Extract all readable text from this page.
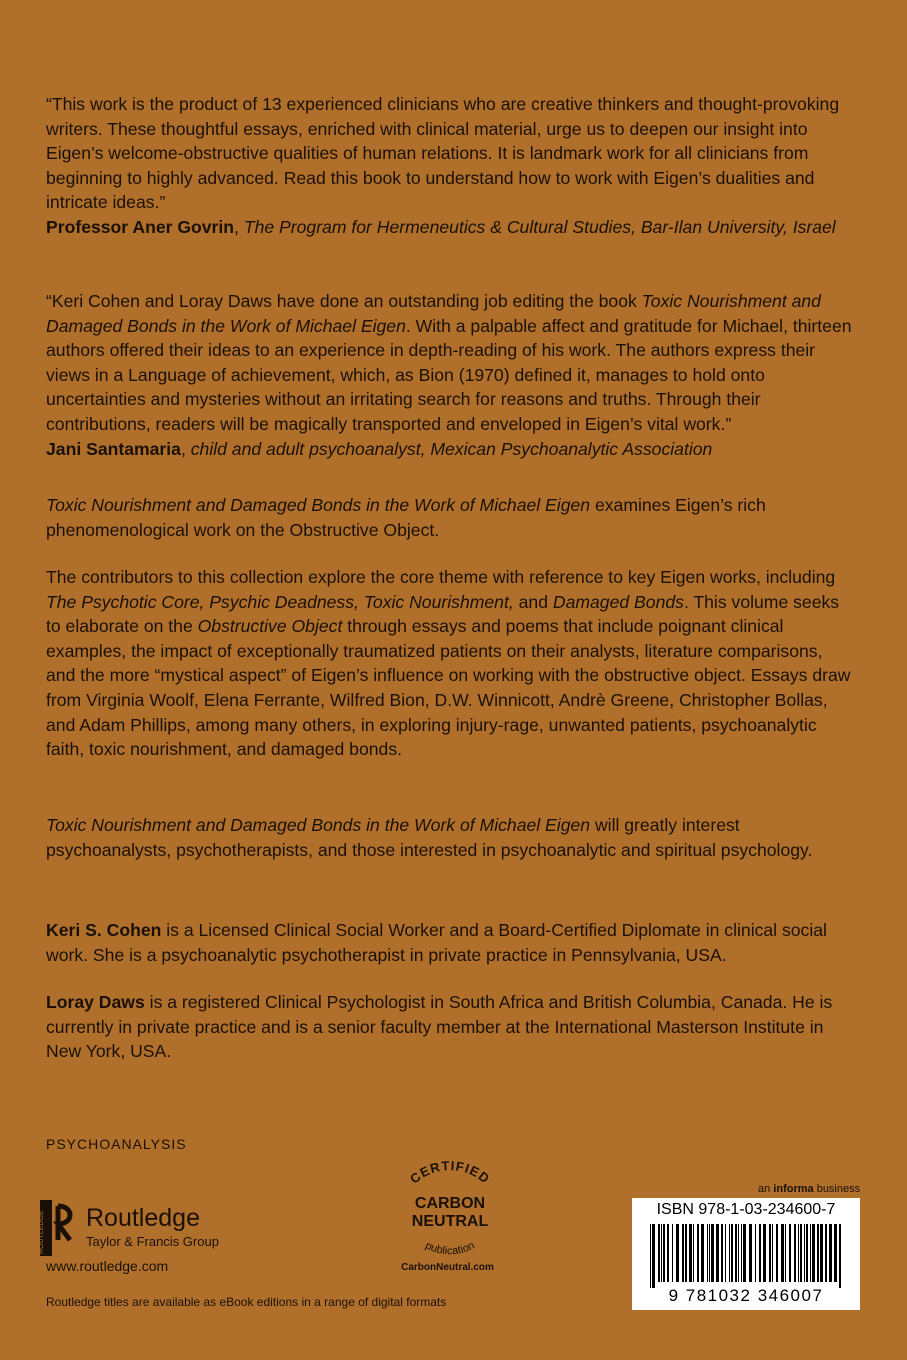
“This work is the product of 13 experienced clinicians who are creative thinkers and thought-provoking writers. These thoughtful essays, enriched with clinical material, urge us to deepen our insight into Eigen’s welcome-obstructive qualities of human relations. It is landmark work for all clinicians from beginning to highly advanced. Read this book to understand how to work with Eigen’s dualities and intricate ideas.”
Professor Aner Govrin, The Program for Hermeneutics & Cultural Studies, Bar-Ilan University, Israel

“Keri Cohen and Loray Daws have done an outstanding job editing the book Toxic Nourishment and Damaged Bonds in the Work of Michael Eigen. With a palpable affect and gratitude for Michael, thirteen authors offered their ideas to an experience in depth-reading of his work. The authors express their views in a Language of achievement, which, as Bion (1970) defined it, manages to hold onto uncertainties and mysteries without an irritating search for reasons and truths. Through their contributions, readers will be magically transported and enveloped in Eigen’s vital work.”
Jani Santamaria, child and adult psychoanalyst, Mexican Psychoanalytic Association

Toxic Nourishment and Damaged Bonds in the Work of Michael Eigen examines Eigen’s rich phenomenological work on the Obstructive Object.

The contributors to this collection explore the core theme with reference to key Eigen works, including The Psychotic Core, Psychic Deadness, Toxic Nourishment, and Damaged Bonds. This volume seeks to elaborate on the Obstructive Object through essays and poems that include poignant clinical examples, the impact of exceptionally traumatized patients on their analysts, literature comparisons, and the more “mystical aspect” of Eigen’s influence on working with the obstructive object. Essays draw from Virginia Woolf, Elena Ferrante, Wilfred Bion, D.W. Winnicott, Andrè Greene, Christopher Bollas, and Adam Phillips, among many others, in exploring injury-rage, unwanted patients, psychoanalytic faith, toxic nourishment, and damaged bonds.

Toxic Nourishment and Damaged Bonds in the Work of Michael Eigen will greatly interest psychoanalysts, psychotherapists, and those interested in psychoanalytic and spiritual psychology.

Keri S. Cohen is a Licensed Clinical Social Worker and a Board-Certified Diplomate in clinical social work. She is a psychoanalytic psychotherapist in private practice in Pennsylvania, USA.

Loray Daws is a registered Clinical Psychologist in South Africa and British Columbia, Canada. He is currently in private practice and is a senior faculty member at the International Masterson Institute in New York, USA.

PSYCHOANALYSIS

ROUTLEDGE Routledge
Taylor & Francis Group
www.routledge.com
Routledge titles are available as eBook editions in a range of digital formats
CERTIFIED
CARBON
NEUTRAL
publication
CarbonNeutral.com
an informa business
ISBN 978-1-03-234600-7
9 781032 346007
